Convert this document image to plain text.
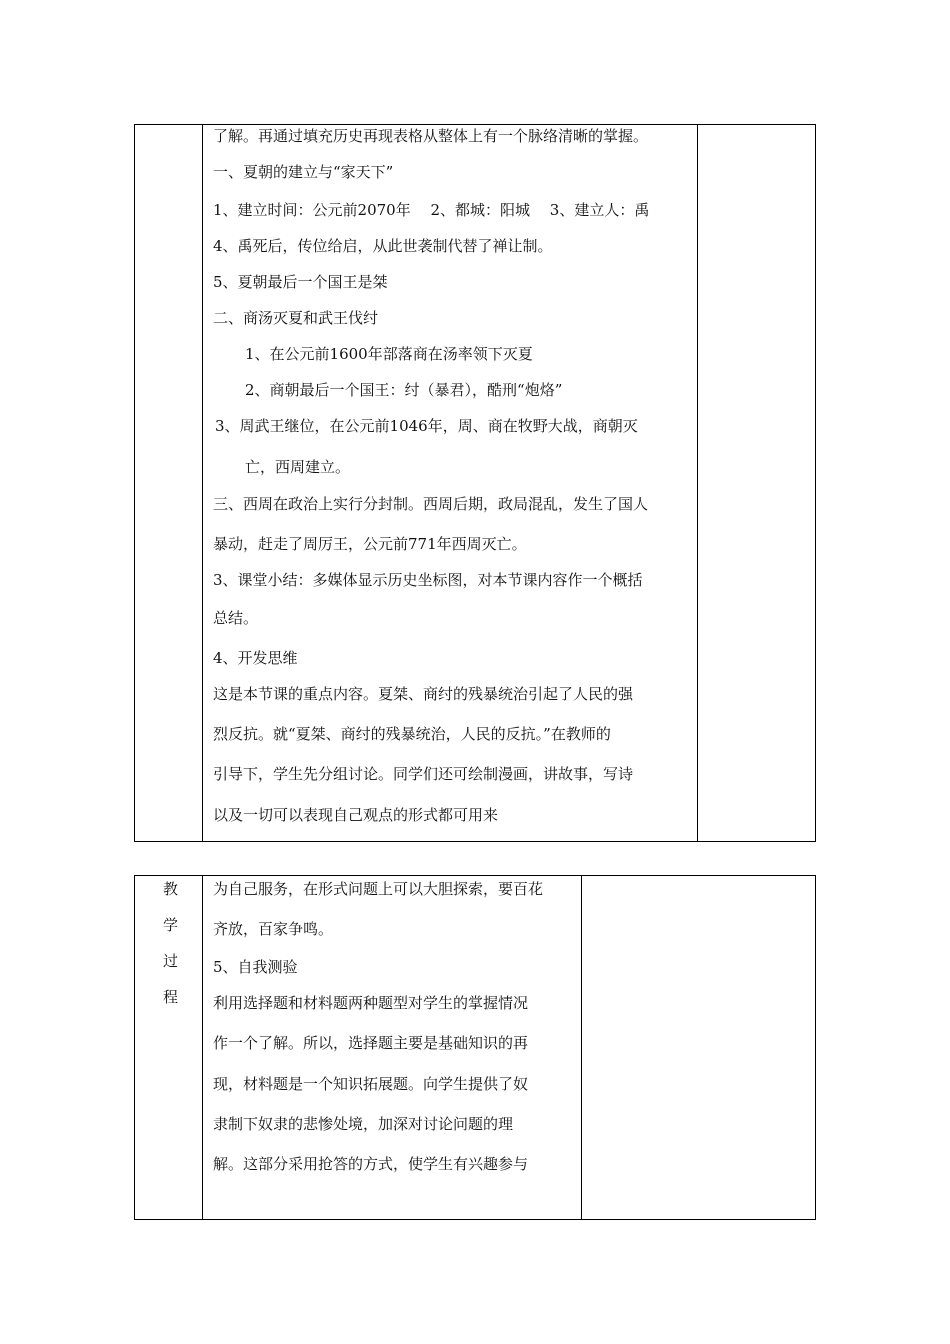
了解。再通过填充历史再现表格从整体上有一个脉络清晰的掌握。
一、夏朝的建立与“家天下”
1、建立时间：公元前2070年　 2、都城：阳城　 3、建立人：禹
4、禹死后，传位给启，从此世袭制代替了禅让制。
5、夏朝最后一个国王是桀
二、商汤灭夏和武王伐纣
1、在公元前1600年部落商在汤率领下灭夏
2、商朝最后一个国王：纣（暴君），酷刑“炮烙”
3、周武王继位，在公元前1046年，周、商在牧野大战，商朝灭
亡，西周建立。
三、西周在政治上实行分封制。西周后期，政局混乱，发生了国人
暴动，赶走了周厉王，公元前771年西周灭亡。
3、课堂小结：多媒体显示历史坐标图，对本节课内容作一个概括
总结。
4、开发思维
这是本节课的重点内容。夏桀、商纣的残暴统治引起了人民的强
烈反抗。就“夏桀、商纣的残暴统治，人民的反抗。”在教师的
引导下，学生先分组讨论。同学们还可绘制漫画，讲故事，写诗
以及一切可以表现自己观点的形式都可用来
教
学
过
程
为自己服务，在形式问题上可以大胆探索，要百花
齐放，百家争鸣。
5、自我测验
利用选择题和材料题两种题型对学生的掌握情况
作一个了解。所以，选择题主要是基础知识的再
现，材料题是一个知识拓展题。向学生提供了奴
隶制下奴隶的悲惨处境，加深对讨论问题的理
解。这部分采用抢答的方式，使学生有兴趣参与
